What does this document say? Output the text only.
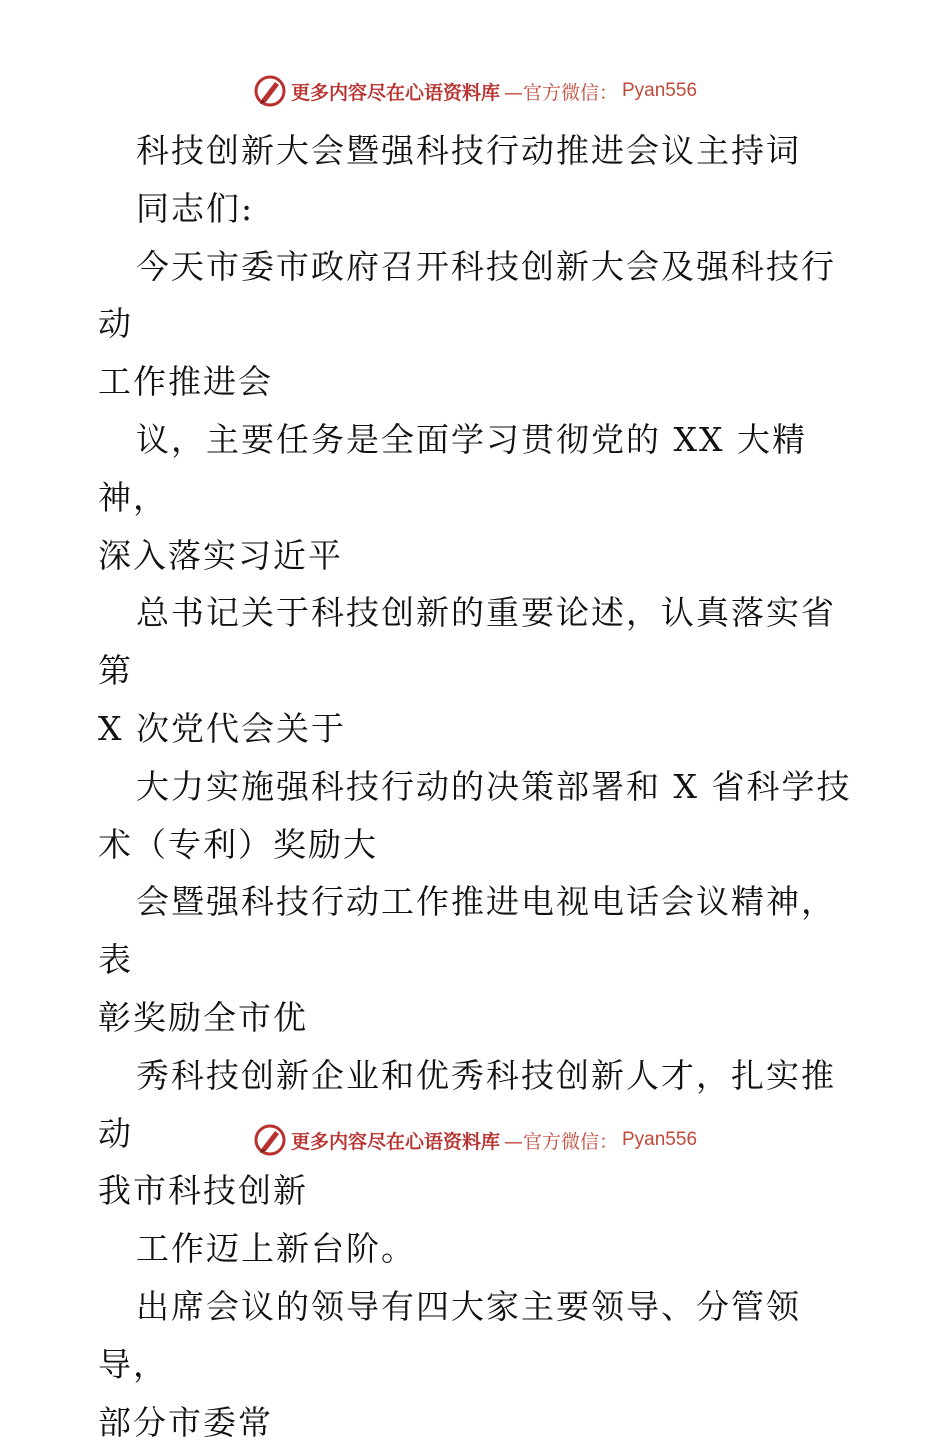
更多内容尽在心语资料库 —官方微信： Pyan556

科技创新大会暨强科技行动推进会议主持词

同志们:

今天市委市政府召开科技创新大会及强科技行动
工作推进会

议，主要任务是全面学习贯彻党的 XX 大精神，
深入落实习近平

总书记关于科技创新的重要论述，认真落实省第
X 次党代会关于

大力实施强科技行动的决策部署和 X 省科学技
术（专利）奖励大

会暨强科技行动工作推进电视电话会议精神，表
彰奖励全市优

秀科技创新企业和优秀科技创新人才，扎实推动
我市科技创新

工作迈上新台阶。

出席会议的领导有四大家主要领导、分管领导，
部分市委常

更多内容尽在心语资料库 —官方微信： Pyan556
